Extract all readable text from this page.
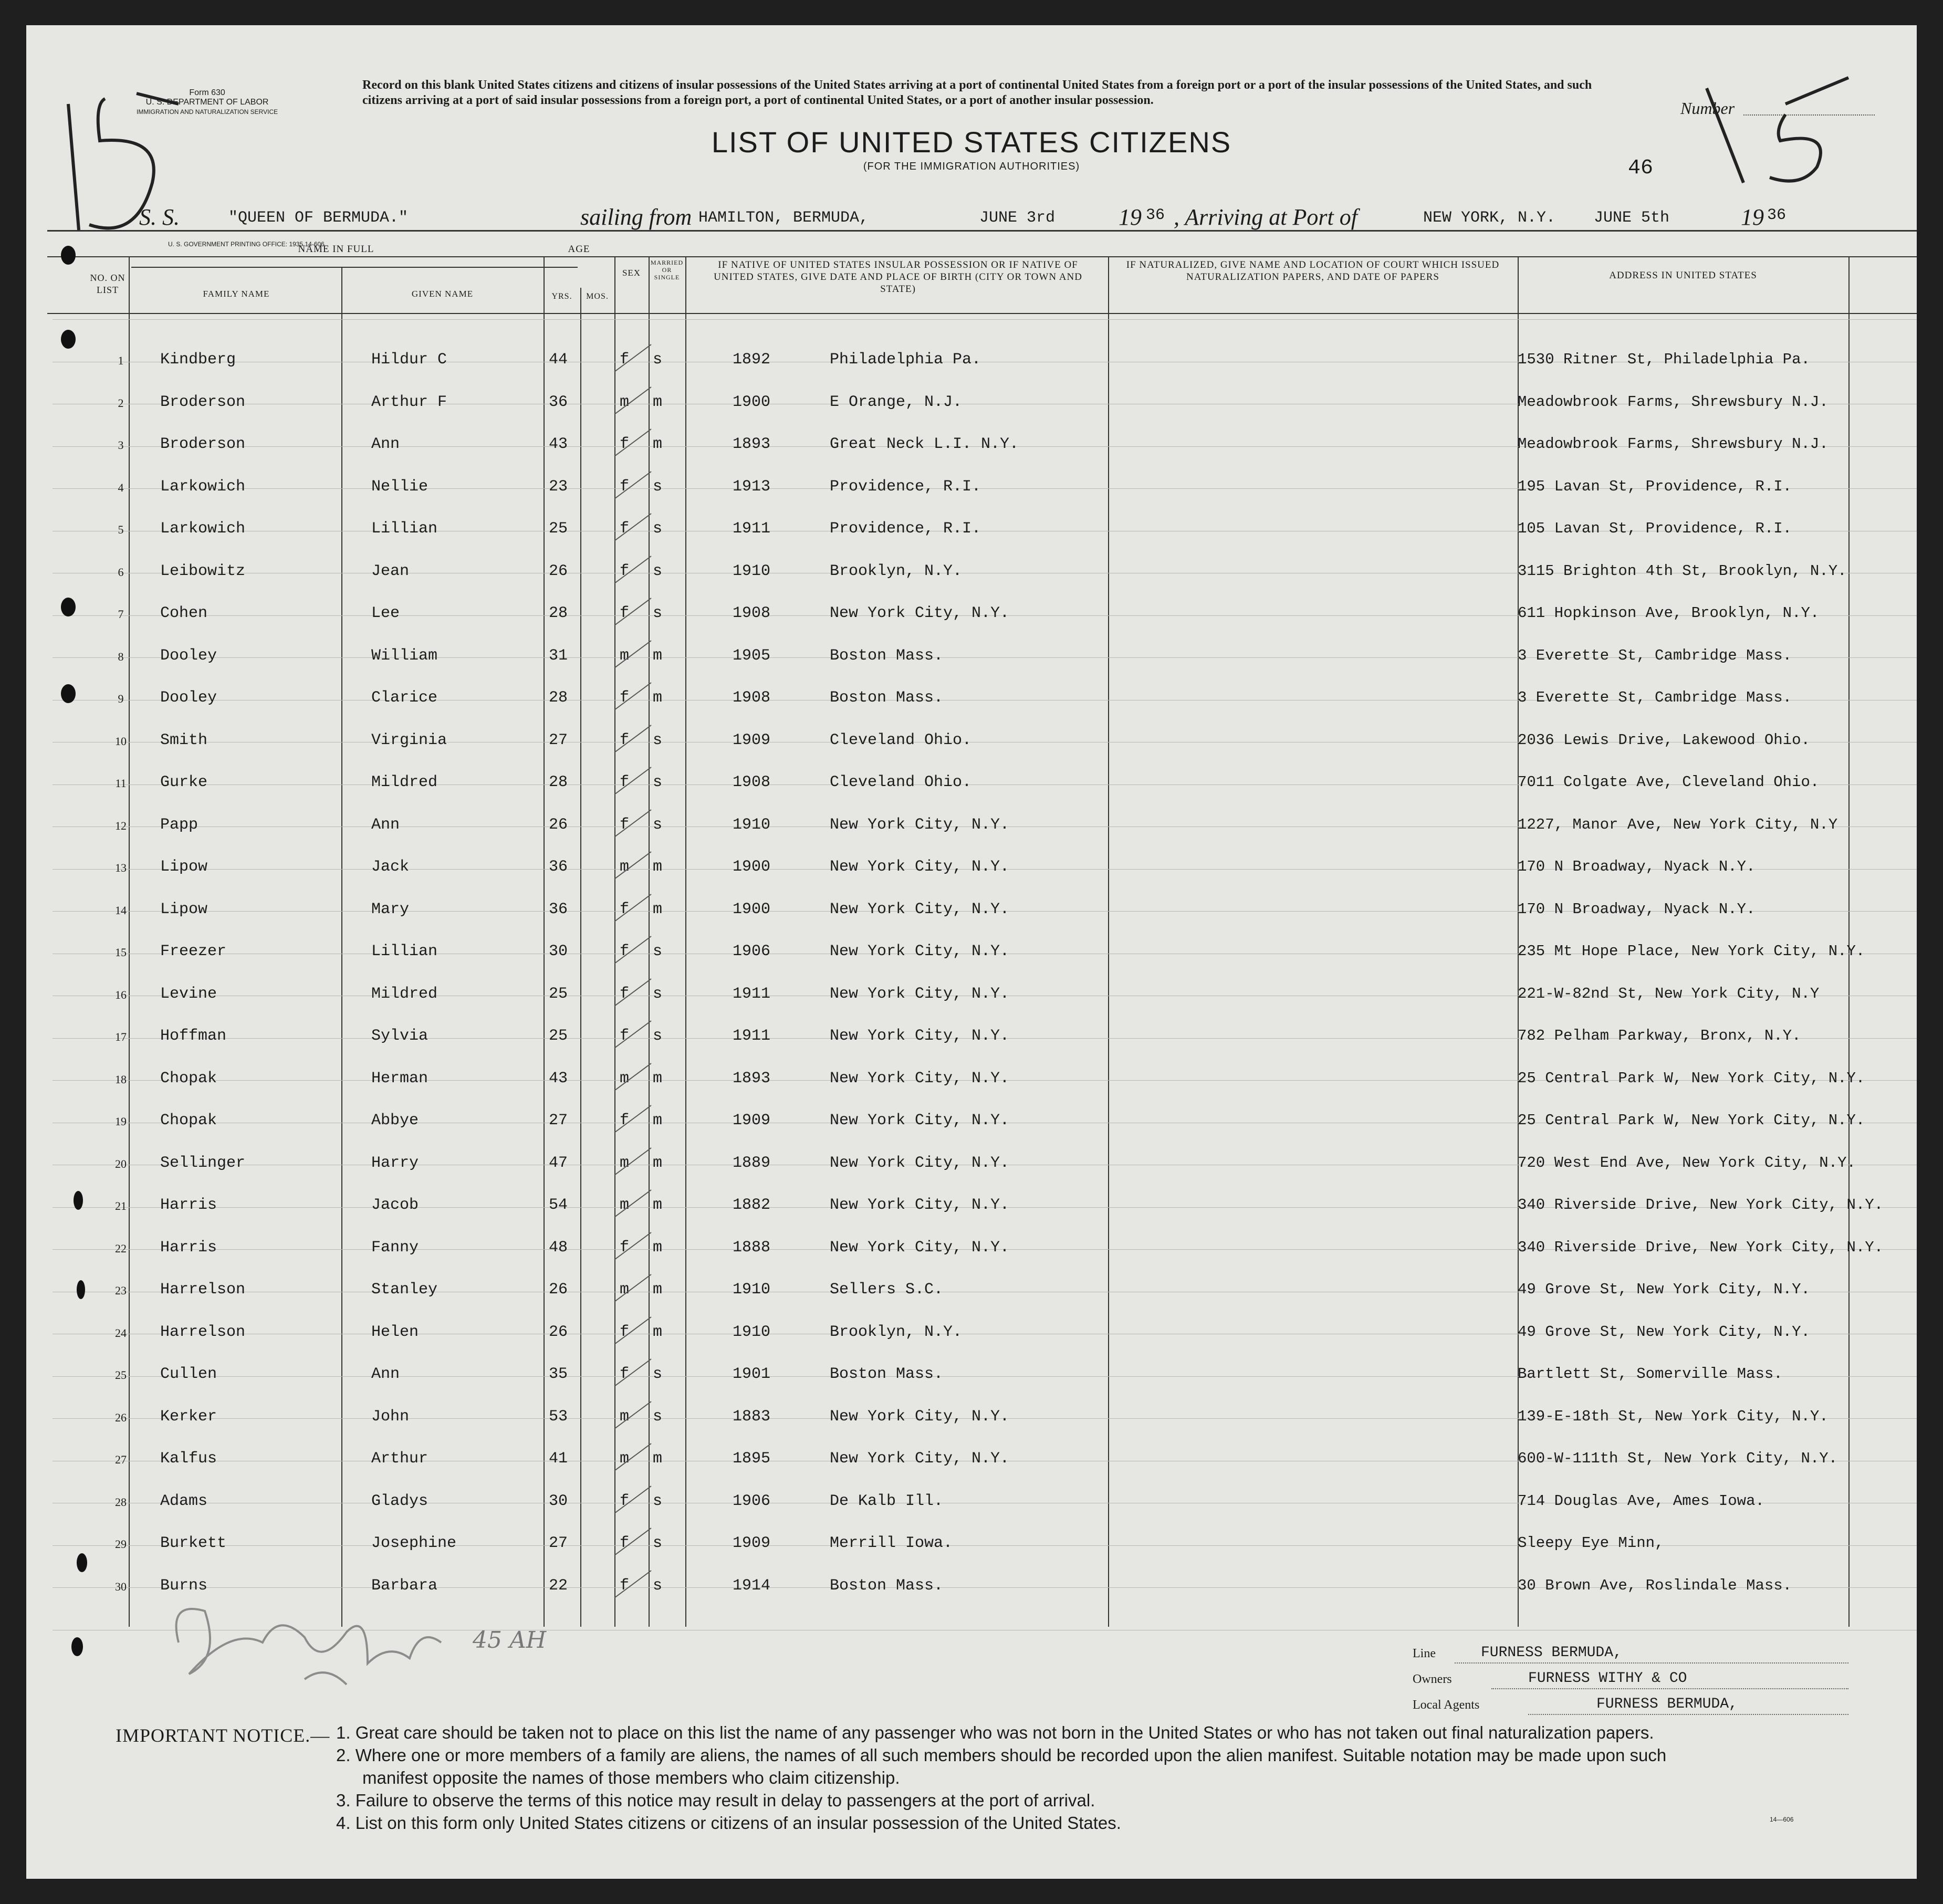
Form 630
U. S. DEPARTMENT OF LABOR
IMMIGRATION AND NATURALIZATION SERVICE
Record on this blank United States citizens and citizens of insular possessions of the United States arriving at a port of continental United States from a foreign port or a port of the insular possessions of the United States, and such citizens arriving at a port of said insular possessions from a foreign port, a port of continental United States, or a port of another insular possession.	Number
LIST OF UNITED STATES CITIZENS
(FOR THE IMMIGRATION AUTHORITIES)	46
S. S.	"QUEEN OF BERMUDA."	sailing from HAMILTON, BERMUDA,	JUNE 3rd	19 36 , Arriving at Port of	NEW YORK, N.Y. JUNE 5th	19 36
U. S. GOVERNMENT PRINTING OFFICE: 1935 14-606
NO. ON LIST
NAME IN FULL
FAMILY NAME	GIVEN NAME
AGE
YRS.	MOS.
SEX
MARRIED OR SINGLE
IF NATIVE OF UNITED STATES INSULAR POSSESSION OR IF NATIVE OF UNITED STATES, GIVE DATE AND PLACE OF BIRTH (CITY OR TOWN AND STATE)
IF NATURALIZED, GIVE NAME AND LOCATION OF COURT WHICH ISSUED NATURALIZATION PAPERS, AND DATE OF PAPERS	ADDRESS IN UNITED STATES
1	Kindberg	Hildur C	44	f s	1892	Philadelphia Pa.	1530 Ritner St, Philadelphia Pa.
2	Broderson	Arthur F	36	m m	1900	E Orange, N.J.	Meadowbrook Farms, Shrewsbury N.J.
3	Broderson	Ann	43	f m	1893	Great Neck L.I. N.Y.	Meadowbrook Farms, Shrewsbury N.J.
4	Larkowich	Nellie	23	f s	1913	Providence, R.I.	195 Lavan St, Providence, R.I.
5	Larkowich	Lillian	25	f s	1911	Providence, R.I.	105 Lavan St, Providence, R.I.
6	Leibowitz	Jean	26	f s	1910	Brooklyn, N.Y.	3115 Brighton 4th St, Brooklyn, N.Y.
7	Cohen	Lee	28	f s	1908	New York City, N.Y.	611 Hopkinson Ave, Brooklyn, N.Y.
8	Dooley	William	31	m m	1905	Boston Mass.	3 Everette St, Cambridge Mass.
9	Dooley	Clarice	28	f m	1908	Boston Mass.	3 Everette St, Cambridge Mass.
10	Smith	Virginia	27	f s	1909	Cleveland Ohio.	2036 Lewis Drive, Lakewood Ohio.
11	Gurke	Mildred	28	f s	1908	Cleveland Ohio.	7011 Colgate Ave, Cleveland Ohio.
12	Papp	Ann	26	f s	1910	New York City, N.Y.	1227, Manor Ave, New York City, N.Y
13	Lipow	Jack	36	m m	1900	New York City, N.Y.	170 N Broadway, Nyack N.Y.
14	Lipow	Mary	36	f m	1900	New York City, N.Y.	170 N Broadway, Nyack N.Y.
15	Freezer	Lillian	30	f s	1906	New York City, N.Y.	235 Mt Hope Place, New York City, N.Y.
16	Levine	Mildred	25	f s	1911	New York City, N.Y.	221-W-82nd St, New York City, N.Y
17	Hoffman	Sylvia	25	f s	1911	New York City, N.Y.	782 Pelham Parkway, Bronx, N.Y.
18	Chopak	Herman	43	m m	1893	New York City, N.Y.	25 Central Park W, New York City, N.Y.
19	Chopak	Abbye	27	f m	1909	New York City, N.Y.	25 Central Park W, New York City, N.Y.
20	Sellinger	Harry	47	m m	1889	New York City, N.Y.	720 West End Ave, New York City, N.Y.
21	Harris	Jacob	54	m m	1882	New York City, N.Y.	340 Riverside Drive, New York City, N.Y.
22	Harris	Fanny	48	f m	1888	New York City, N.Y.	340 Riverside Drive, New York City, N.Y.
23	Harrelson	Stanley	26	m m	1910	Sellers S.C.	49 Grove St, New York City, N.Y.
24	Harrelson	Helen	26	f m	1910	Brooklyn, N.Y.	49 Grove St, New York City, N.Y.
25	Cullen	Ann	35	f s	1901	Boston Mass.	Bartlett St, Somerville Mass.
26	Kerker	John	53	m s	1883	New York City, N.Y.	139-E-18th St, New York City, N.Y.
27	Kalfus	Arthur	41	m m	1895	New York City, N.Y.	600-W-111th St, New York City, N.Y.
28	Adams	Gladys	30	f s	1906	De Kalb Ill.	714 Douglas Ave, Ames Iowa.
29	Burkett	Josephine	27	f s	1909	Merrill Iowa.	Sleepy Eye Minn,
30	Burns	Barbara	22	f s	1914	Boston Mass.	30 Brown Ave, Roslindale Mass.
45 AH	Line	FURNESS BERMUDA,
Owners	FURNESS WITHY & CO
Local Agents	FURNESS BERMUDA,
IMPORTANT NOTICE.— 1. Great care should be taken not to place on this list the name of any passenger who was not born in the United States or who has not taken out final naturalization papers.
2. Where one or more members of a family are aliens, the names of all such members should be recorded upon the alien manifest. Suitable notation may be made upon such
manifest opposite the names of those members who claim citizenship.
3. Failure to observe the terms of this notice may result in delay to passengers at the port of arrival.
4. List on this form only United States citizens or citizens of an insular possession of the United States.	14—606
